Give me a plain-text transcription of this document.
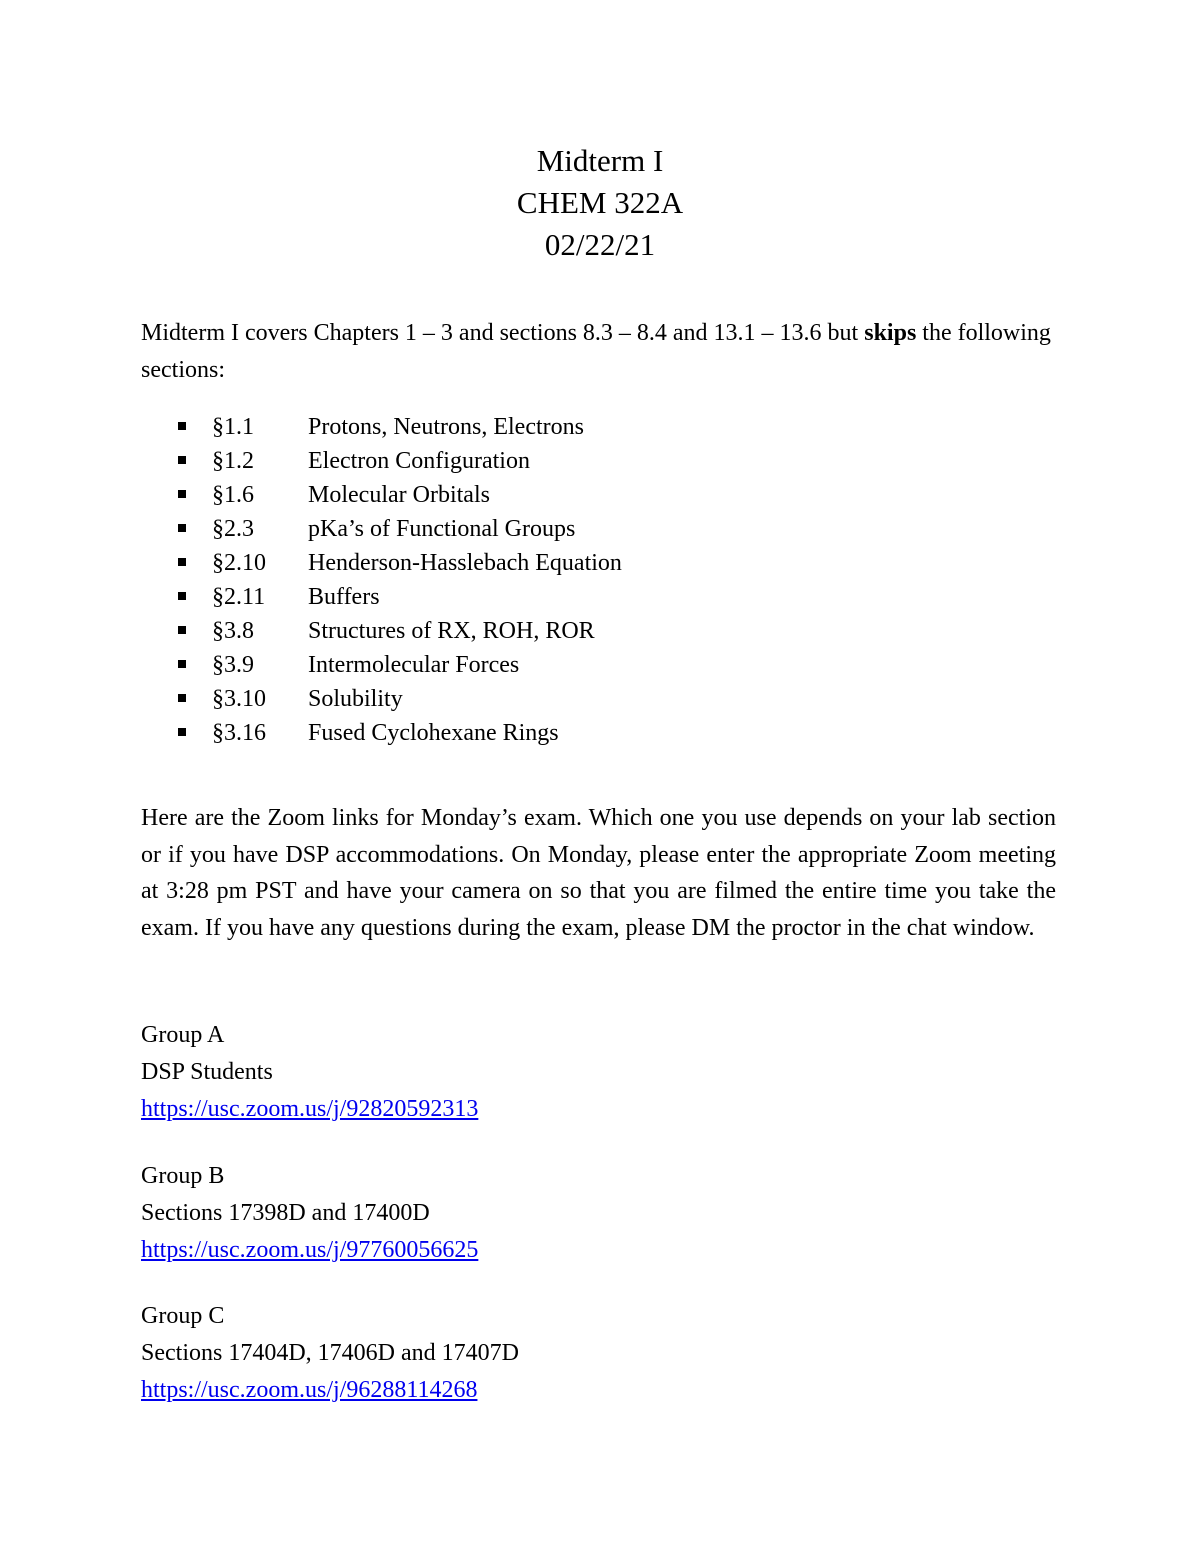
Midterm I
CHEM 322A
02/22/21
Midterm I covers Chapters 1 – 3 and sections 8.3 – 8.4 and 13.1 – 13.6 but skips the following sections:
§1.1	Protons, Neutrons, Electrons
§1.2	Electron Configuration
§1.6	Molecular Orbitals
§2.3	pKa’s of Functional Groups
§2.10	Henderson-Hasslebach Equation
§2.11	Buffers
§3.8	Structures of RX, ROH, ROR
§3.9	Intermolecular Forces
§3.10	Solubility
§3.16	Fused Cyclohexane Rings
Here are the Zoom links for Monday’s exam. Which one you use depends on your lab section or if you have DSP accommodations. On Monday, please enter the appropriate Zoom meeting at 3:28 pm PST and have your camera on so that you are filmed the entire time you take the exam. If you have any questions during the exam, please DM the proctor in the chat window.
Group A
DSP Students
https://usc.zoom.us/j/92820592313
Group B
Sections 17398D and 17400D
https://usc.zoom.us/j/97760056625
Group C
Sections 17404D, 17406D and 17407D
https://usc.zoom.us/j/96288114268
